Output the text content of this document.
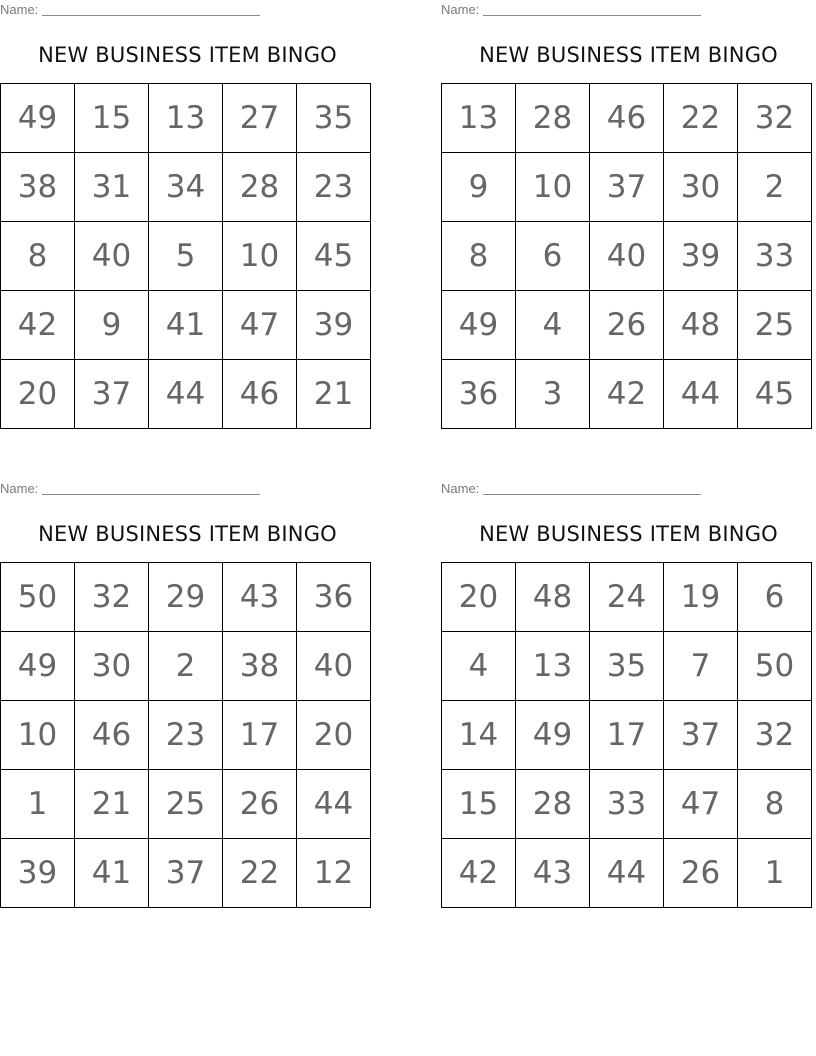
Name:
NEW BUSINESS ITEM BINGO
49	15	13	27	35
38	31	34	28	23
8	40	5	10	45
42	9	41	47	39
20	37	44	46	21
Name:
NEW BUSINESS ITEM BINGO
13	28	46	22	32
9	10	37	30	2
8	6	40	39	33
49	4	26	48	25
36	3	42	44	45
Name:
NEW BUSINESS ITEM BINGO
50	32	29	43	36
49	30	2	38	40
10	46	23	17	20
1	21	25	26	44
39	41	37	22	12
Name:
NEW BUSINESS ITEM BINGO
20	48	24	19	6
4	13	35	7	50
14	49	17	37	32
15	28	33	47	8
42	43	44	26	1
